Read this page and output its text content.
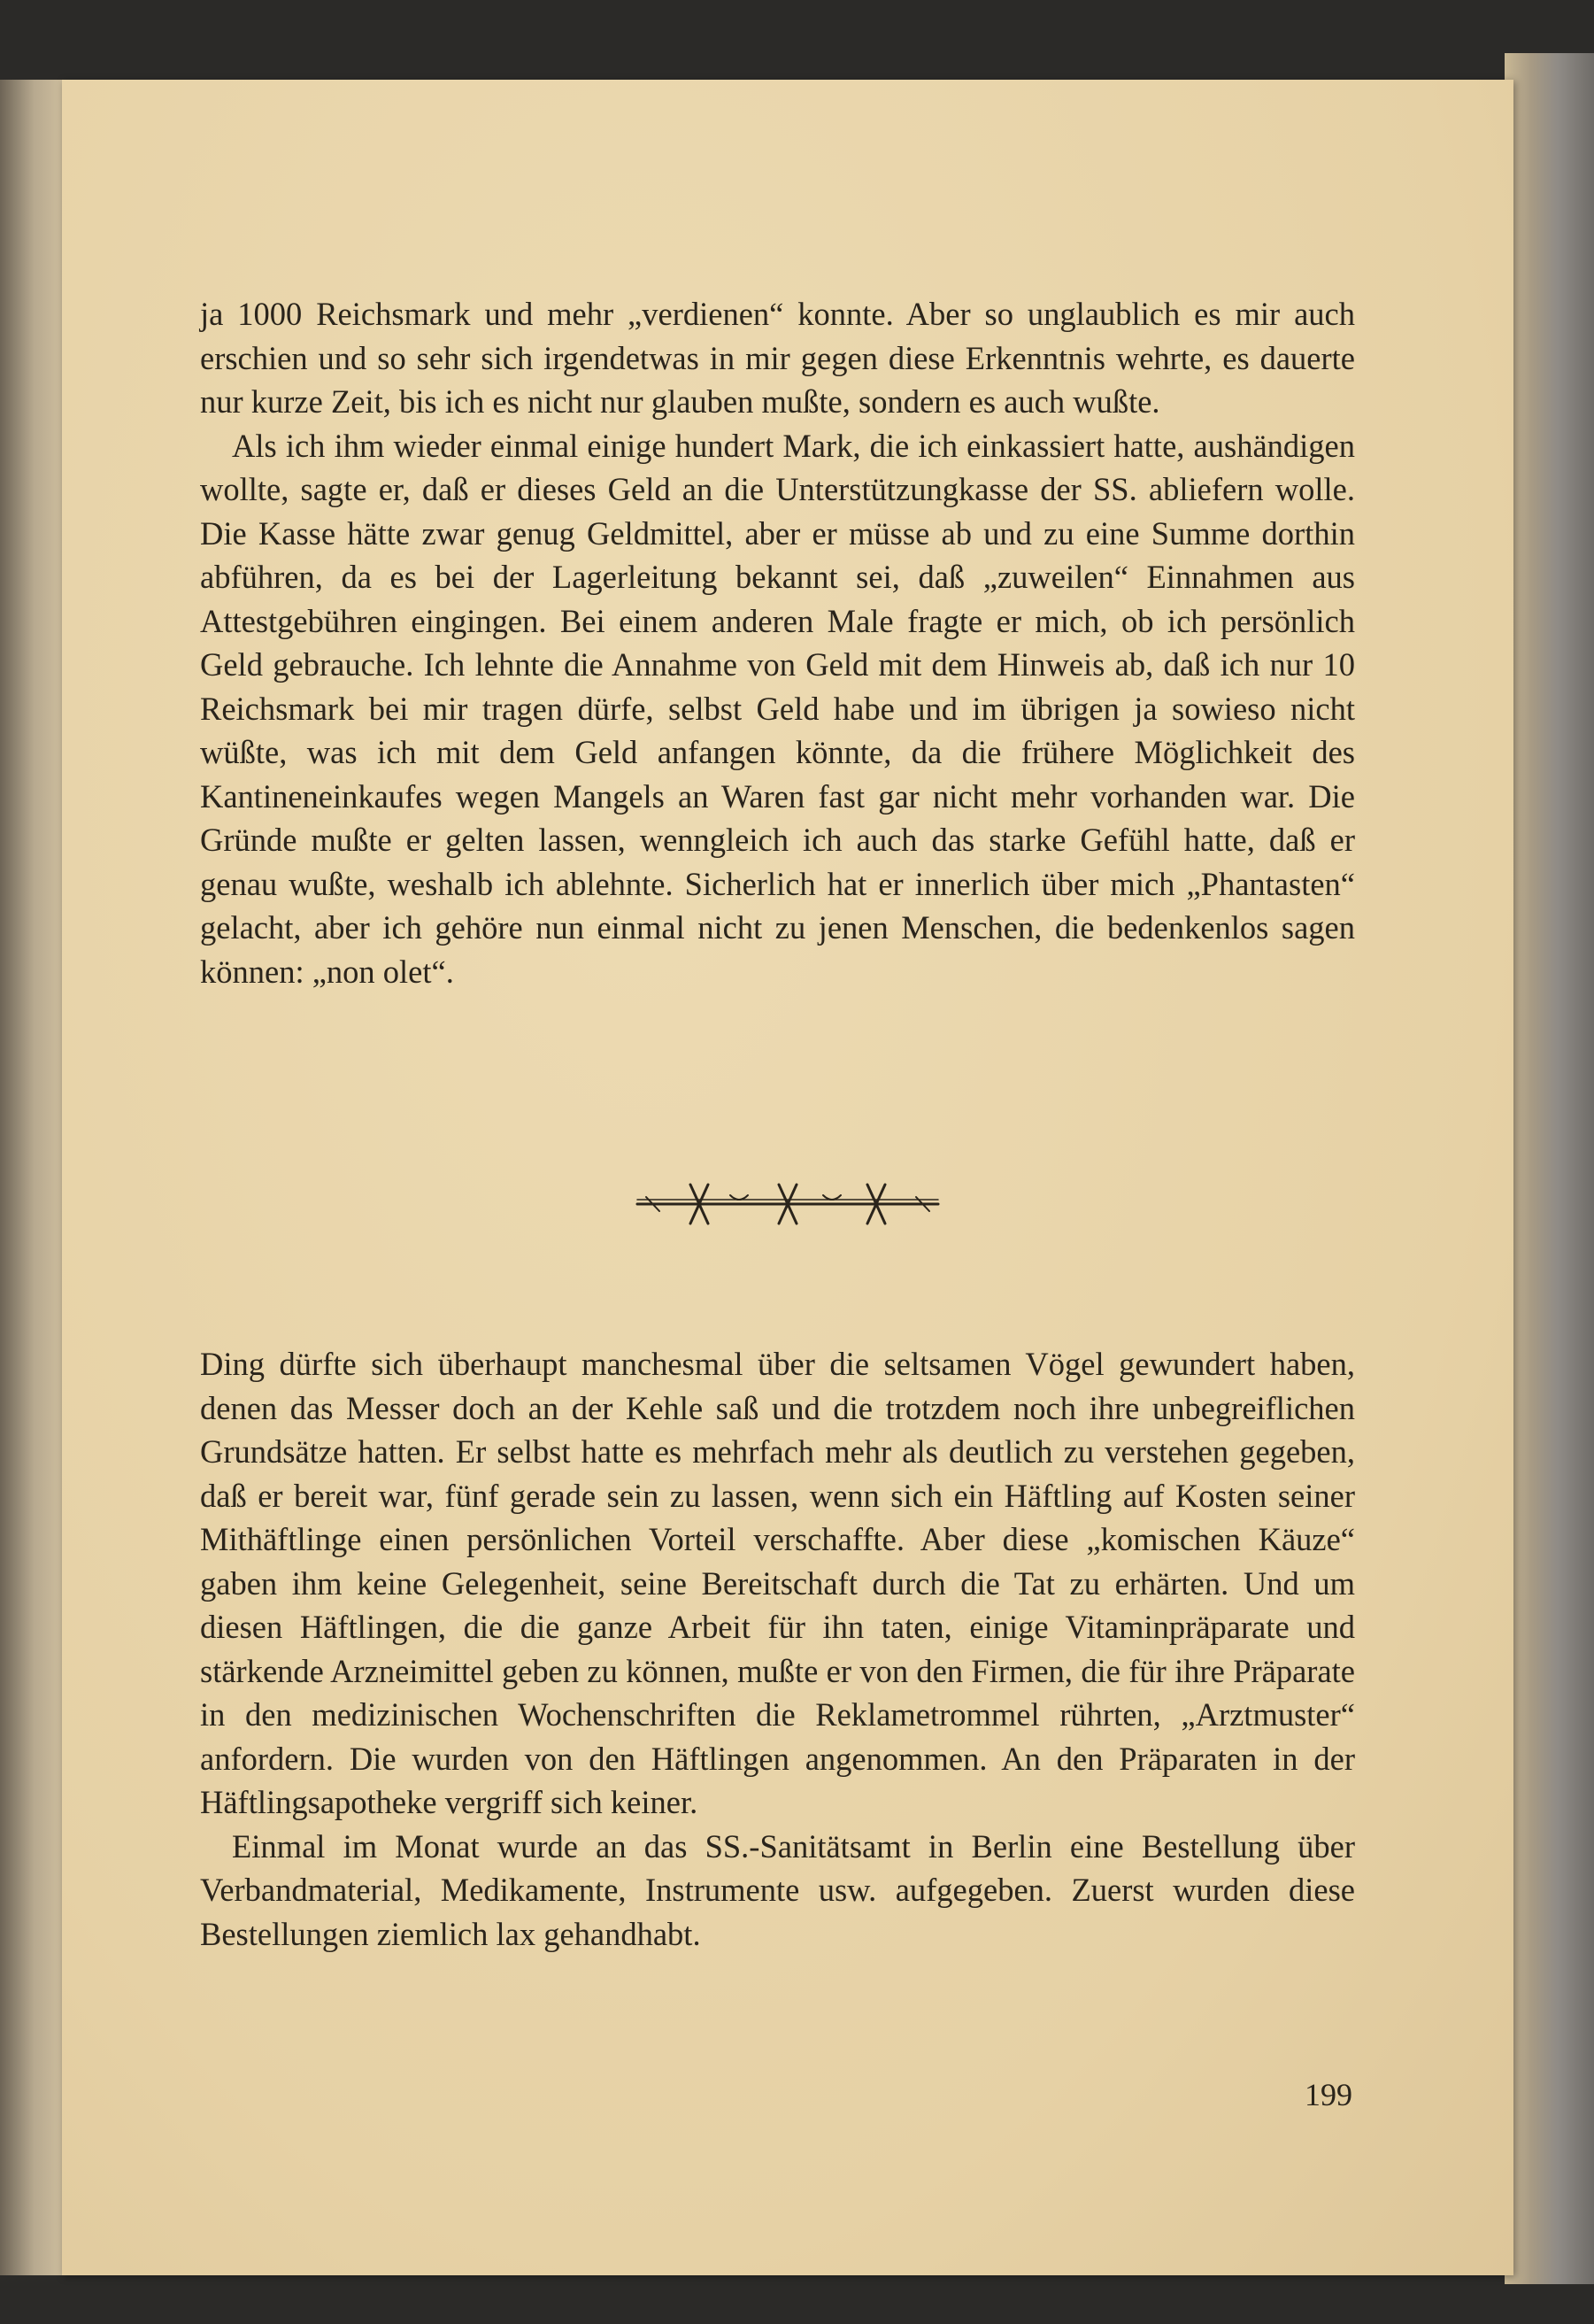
ja 1000 Reichsmark und mehr „verdienen“ konnte. Aber so unglaublich es mir auch erschien und so sehr sich irgendetwas in mir gegen diese Erkenntnis wehrte, es dauerte nur kurze Zeit, bis ich es nicht nur glauben mußte, sondern es auch wußte.

Als ich ihm wieder einmal einige hundert Mark, die ich einkassiert hatte, aushändigen wollte, sagte er, daß er dieses Geld an die Unterstützungkasse der SS. abliefern wolle. Die Kasse hätte zwar genug Geldmittel, aber er müsse ab und zu eine Summe dorthin abführen, da es bei der Lagerleitung bekannt sei, daß „zuweilen“ Einnahmen aus Attestgebühren eingingen. Bei einem anderen Male fragte er mich, ob ich persönlich Geld gebrauche. Ich lehnte die Annahme von Geld mit dem Hinweis ab, daß ich nur 10 Reichsmark bei mir tragen dürfe, selbst Geld habe und im übrigen ja sowieso nicht wüßte, was ich mit dem Geld anfangen könnte, da die frühere Möglichkeit des Kantineneinkaufes wegen Mangels an Waren fast gar nicht mehr vorhanden war. Die Gründe mußte er gelten lassen, wenngleich ich auch das starke Gefühl hatte, daß er genau wußte, weshalb ich ablehnte. Sicherlich hat er innerlich über mich „Phantasten“ gelacht, aber ich gehöre nun einmal nicht zu jenen Menschen, die bedenkenlos sagen können: „non olet“.

Ding dürfte sich überhaupt manchesmal über die seltsamen Vögel gewundert haben, denen das Messer doch an der Kehle saß und die trotzdem noch ihre unbegreiflichen Grundsätze hatten. Er selbst hatte es mehrfach mehr als deutlich zu verstehen gegeben, daß er bereit war, fünf gerade sein zu lassen, wenn sich ein Häftling auf Kosten seiner Mithäftlinge einen persönlichen Vorteil verschaffte. Aber diese „komischen Käuze“ gaben ihm keine Gelegenheit, seine Bereitschaft durch die Tat zu erhärten. Und um diesen Häftlingen, die die ganze Arbeit für ihn taten, einige Vitaminpräparate und stärkende Arzneimittel geben zu können, mußte er von den Firmen, die für ihre Präparate in den medizinischen Wochenschriften die Reklametrommel rührten, „Arztmuster“ anfordern. Die wurden von den Häftlingen angenommen. An den Präparaten in der Häftlingsapotheke vergriff sich keiner.

Einmal im Monat wurde an das SS.-Sanitätsamt in Berlin eine Bestellung über Verbandmaterial, Medikamente, Instrumente usw. aufgegeben. Zuerst wurden diese Bestellungen ziemlich lax gehandhabt.

199
